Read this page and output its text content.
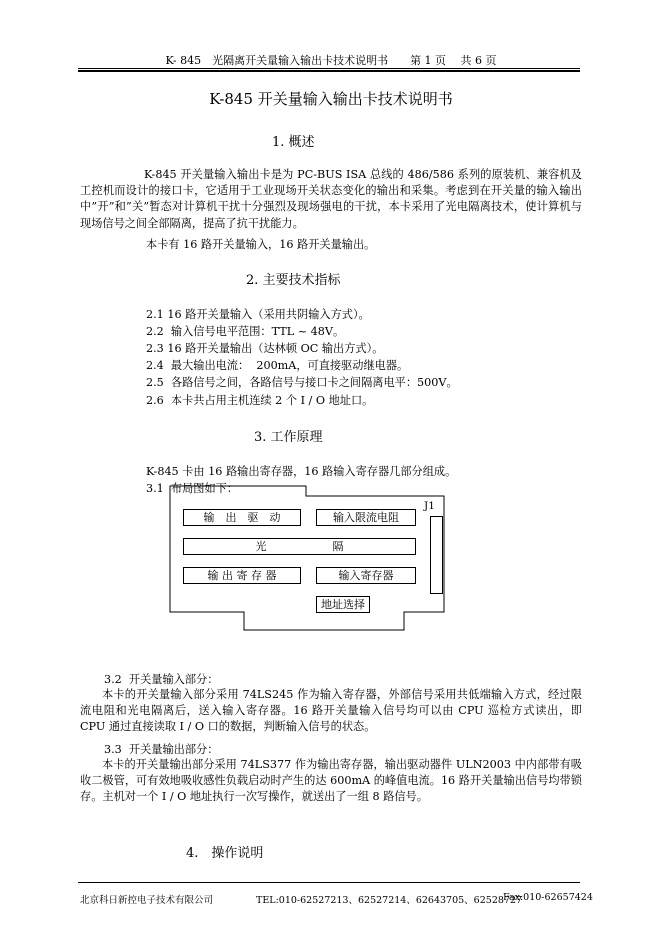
K- 845　光隔离开关量输入输出卡技术说明书　　第 1 页　 共 6 页
K-845 开关量输入输出卡技术说明书
1. 概述
K-845 开关量输入输出卡是为 PC-BUS ISA 总线的 486/586 系列的原装机、兼容机及工控机而设计的接口卡，它适用于工业现场开关状态变化的输出和采集。考虑到在开关量的输入输出中”开”和”关”暂态对计算机干扰十分强烈及现场强电的干扰，本卡采用了光电隔离技术，使计算机与现场信号之间全部隔离，提高了抗干扰能力。
本卡有 16 路开关量输入，16 路开关量输出。
2. 主要技术指标
2.1 16 路开关量输入（采用共阴输入方式）。
2.2  输入信号电平范围：TTL ~ 48V。
2.3 16 路开关量输出（达林顿 OC 输出方式）。
2.4  最大输出电流：  200mA，可直接驱动继电器。
2.5  各路信号之间，各路信号与接口卡之间隔离电平：500V。
2.6  本卡共占用主机连续 2 个 I / O 地址口。
3. 工作原理
K-845 卡由 16 路输出寄存器，16 路输入寄存器几部分组成。
3.1  布局图如下：
输　出　驱　动	输入限流电阻
光　　　　　　隔
输 出 寄 存 器	输入寄存器
地址选择
J1
3.2  开关量输入部分：
本卡的开关量输入部分采用 74LS245 作为输入寄存器，外部信号采用共低端输入方式，经过限流电阻和光电隔离后，送入输入寄存器。16 路开关量输入信号均可以由 CPU 巡检方式读出，即 CPU 通过直接读取 I / O 口的数据，判断输入信号的状态。
3.3  开关量输出部分：
本卡的开关量输出部分采用 74LS377 作为输出寄存器，输出驱动器件 ULN2003 中内部带有吸收二极管，可有效地吸收感性负载启动时产生的达 600mA 的峰值电流。16 路开关量输出信号均带锁存。主机对一个 I / O 地址执行一次写操作，就送出了一组 8 路信号。
4.　操作说明
北京科日新控电子技术有限公司	TEL:010-62527213、62527214、62643705、62528727
Fax:010-62657424
